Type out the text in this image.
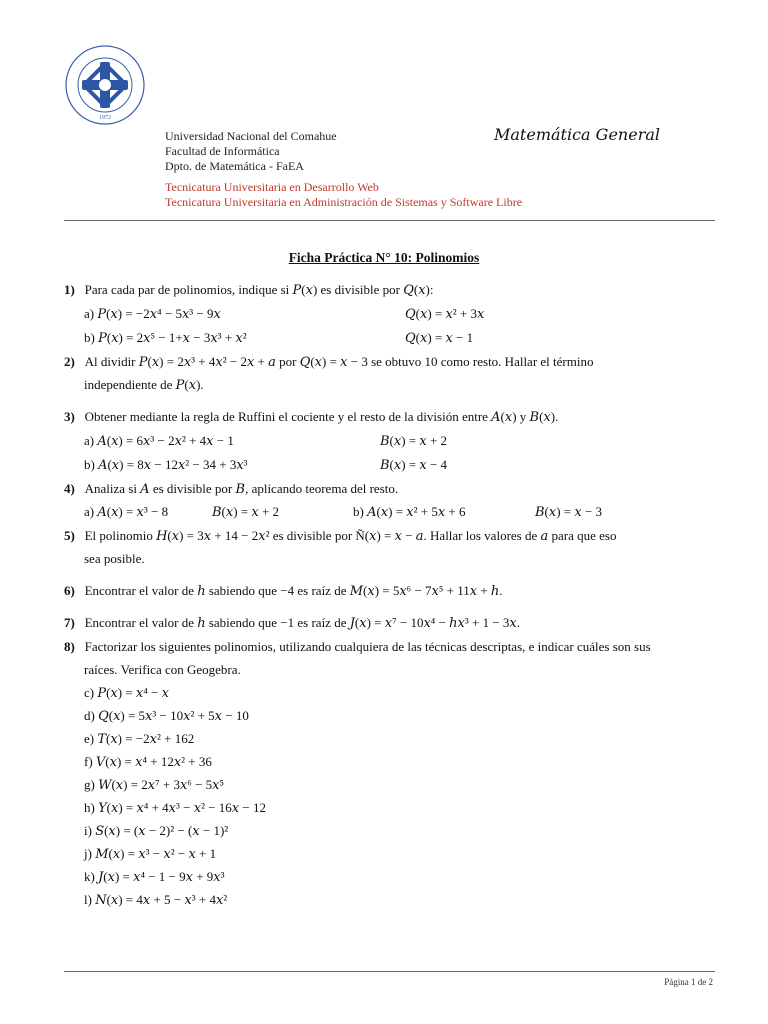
1972
Universidad Nacional del Comahue
Facultad de Informática
Dpto. de Matemática - FaEA
Tecnicatura Universitaria en Desarrollo Web
Tecnicatura Universitaria en Administración de Sistemas y Software Libre
Matemática General
Ficha Práctica N° 10: Polinomios
1) Para cada par de polinomios, indique si 𝑃(𝑥) es divisible por 𝑄(𝑥):
a) 𝑃(𝑥) = −2𝑥⁴ − 5𝑥³ − 9𝑥	𝑄(𝑥) = 𝑥² + 3𝑥
b) 𝑃(𝑥) = 2𝑥⁵ − 1+𝑥 − 3𝑥³ + 𝑥²	𝑄(𝑥) = 𝑥 − 1
2) Al dividir 𝑃(𝑥) = 2𝑥³ + 4𝑥² − 2𝑥 + 𝑎 por 𝑄(𝑥) = 𝑥 − 3 se obtuvo 10 como resto. Hallar el término
independiente de 𝑃(𝑥).
3) Obtener mediante la regla de Ruffini el cociente y el resto de la división entre 𝐴(𝑥) y 𝐵(𝑥).
a) 𝐴(𝑥) = 6𝑥³ − 2𝑥² + 4𝑥 − 1	𝐵(𝑥) = 𝑥 + 2
b) 𝐴(𝑥) = 8𝑥 − 12𝑥² − 34 + 3𝑥³	𝐵(𝑥) = 𝑥 − 4
4) Analiza si 𝐴 es divisible por 𝐵, aplicando teorema del resto.
a) 𝐴(𝑥) = 𝑥³ − 8	𝐵(𝑥) = 𝑥 + 2	b) 𝐴(𝑥) = 𝑥² + 5𝑥 + 6	𝐵(𝑥) = 𝑥 − 3
5) El polinomio 𝐻(𝑥) = 3𝑥 + 14 − 2𝑥² es divisible por Ñ(𝑥) = 𝑥 − 𝑎. Hallar los valores de 𝑎 para que eso
sea posible.
6) Encontrar el valor de ℎ sabiendo que −4 es raíz de 𝑀(𝑥) = 5𝑥⁶ − 7𝑥⁵ + 11𝑥 + ℎ.
7) Encontrar el valor de ℎ sabiendo que −1 es raíz de 𝐽(𝑥) = 𝑥⁷ − 10𝑥⁴ − ℎ𝑥³ + 1 − 3𝑥.
8) Factorizar los siguientes polinomios, utilizando cualquiera de las técnicas descriptas, e indicar cuáles son sus
raíces. Verifica con Geogebra.
c) 𝑃(𝑥) = 𝑥⁴ − 𝑥
d) 𝑄(𝑥) = 5𝑥³ − 10𝑥² + 5𝑥 − 10
e) 𝑇(𝑥) = −2𝑥² + 162
f) 𝑉(𝑥) = 𝑥⁴ + 12𝑥² + 36
g) 𝑊(𝑥) = 2𝑥⁷ + 3𝑥⁶ − 5𝑥⁵
h) 𝑌(𝑥) = 𝑥⁴ + 4𝑥³ − 𝑥² − 16𝑥 − 12
i) 𝑆(𝑥) = (𝑥 − 2)² − (𝑥 − 1)²
j) 𝑀(𝑥) = 𝑥³ − 𝑥² − 𝑥 + 1
k) 𝐽(𝑥) = 𝑥⁴ − 1 − 9𝑥 + 9𝑥³
l) 𝑁(𝑥) = 4𝑥 + 5 − 𝑥³ + 4𝑥²
Página 1 de 2
